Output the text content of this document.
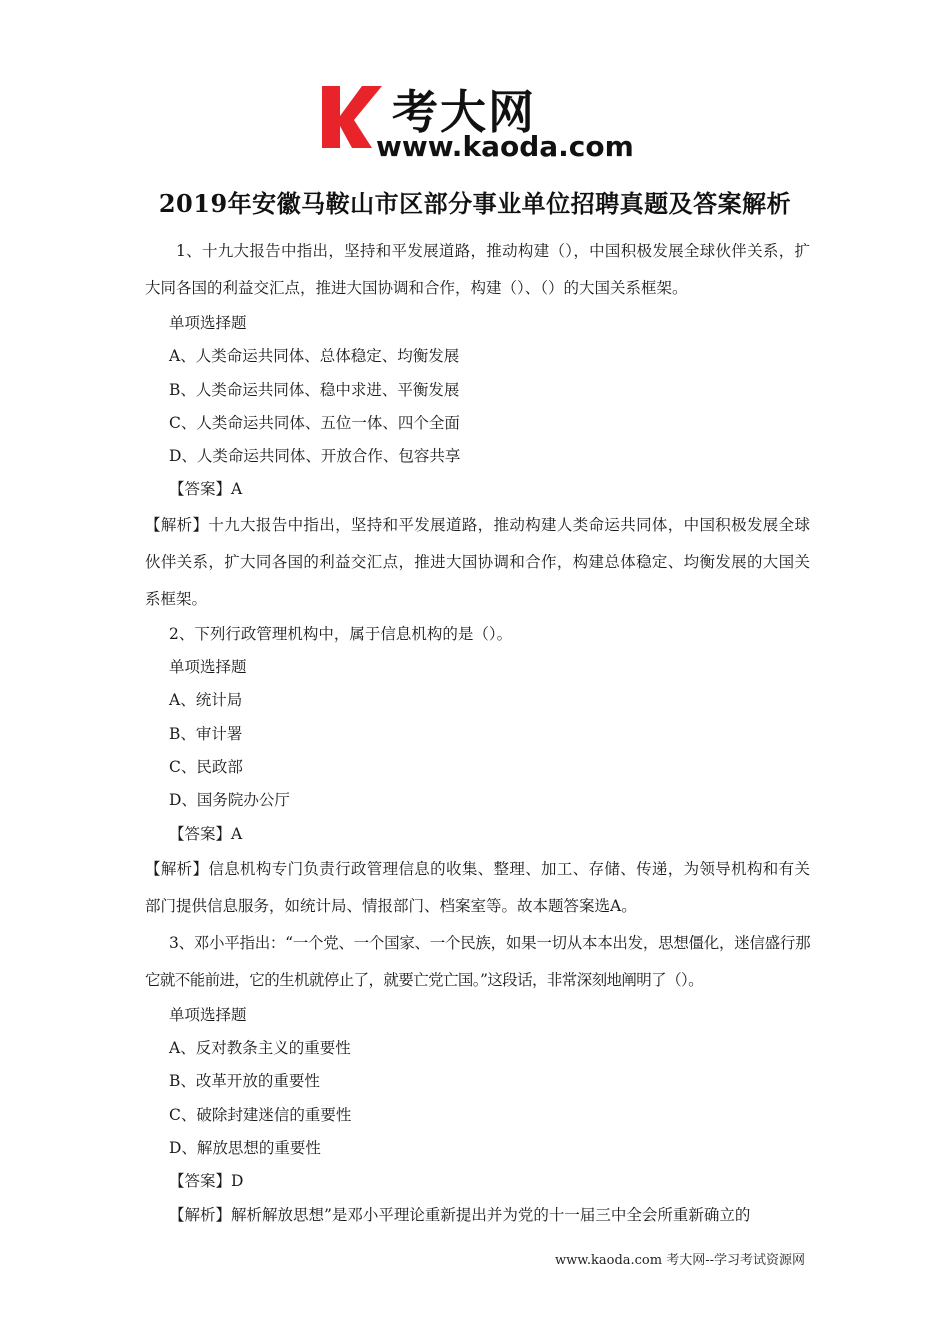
考大网
www.kaoda.com
2019年安徽马鞍山市区部分事业单位招聘真题及答案解析

1、十九大报告中指出，坚持和平发展道路，推动构建（），中国积极发展全球伙伴关系，扩大同各国的利益交汇点，推进大国协调和合作，构建（）、（）的大国关系框架。

单项选择题

A、人类命运共同体、总体稳定、均衡发展

B、人类命运共同体、稳中求进、平衡发展

C、人类命运共同体、五位一体、四个全面

D、人类命运共同体、开放合作、包容共享

【答案】A

【解析】十九大报告中指出，坚持和平发展道路，推动构建人类命运共同体，中国积极发展全球伙伴关系，扩大同各国的利益交汇点，推进大国协调和合作，构建总体稳定、均衡发展的大国关系框架。

2、下列行政管理机构中，属于信息机构的是（）。

单项选择题

A、统计局

B、审计署

C、民政部

D、国务院办公厅

【答案】A

【解析】信息机构专门负责行政管理信息的收集、整理、加工、存储、传递，为领导机构和有关部门提供信息服务，如统计局、情报部门、档案室等。故本题答案选A。

3、邓小平指出：“一个党、一个国家、一个民族，如果一切从本本出发，思想僵化，迷信盛行那它就不能前进，它的生机就停止了，就要亡党亡国。”这段话，非常深刻地阐明了（）。

单项选择题

A、反对教条主义的重要性

B、改革开放的重要性

C、破除封建迷信的重要性

D、解放思想的重要性

【答案】D

【解析】解析解放思想”是邓小平理论重新提出并为党的十一届三中全会所重新确立的

www.kaoda.com 考大网--学习考试资源网
